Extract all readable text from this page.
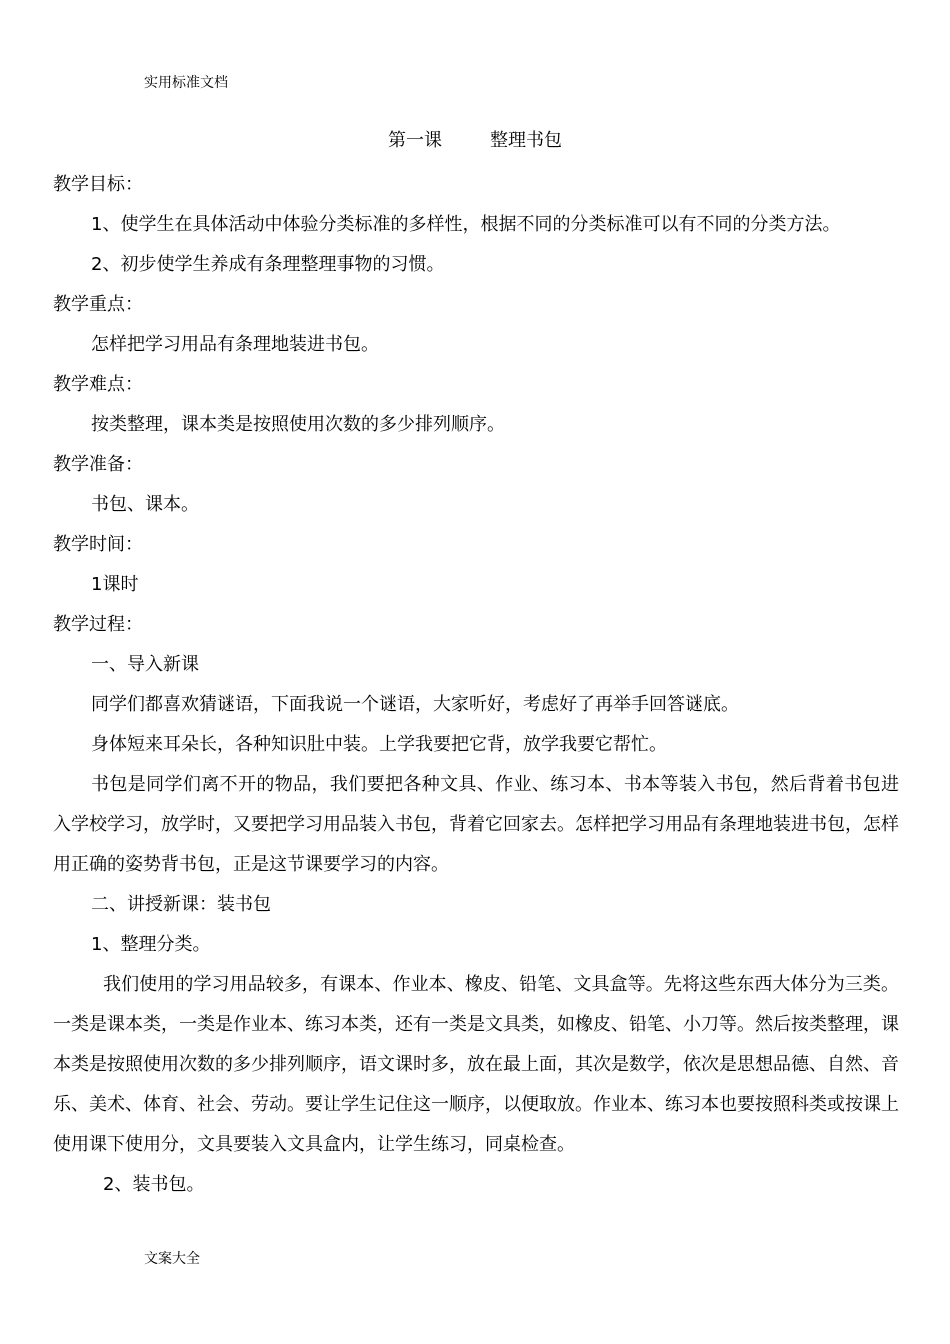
实用标准文档
第一课	整理书包

教学目标：

1、使学生在具体活动中体验分类标准的多样性，根据不同的分类标准可以有不同的分类方法。

2、初步使学生养成有条理整理事物的习惯。

教学重点：

怎样把学习用品有条理地装进书包。

教学难点：

按类整理，课本类是按照使用次数的多少排列顺序。

教学准备：

书包、课本。

教学时间：

1课时

教学过程：

一、导入新课

同学们都喜欢猜谜语，下面我说一个谜语，大家听好，考虑好了再举手回答谜底。

身体短来耳朵长，各种知识肚中装。上学我要把它背，放学我要它帮忙。

书包是同学们离不开的物品，我们要把各种文具、作业、练习本、书本等装入书包，然后背着书包进入学校学习，放学时，又要把学习用品装入书包，背着它回家去。怎样把学习用品有条理地装进书包，怎样用正确的姿势背书包，正是这节课要学习的内容。

二、讲授新课：装书包

1、整理分类。

我们使用的学习用品较多，有课本、作业本、橡皮、铅笔、文具盒等。先将这些东西大体分为三类。一类是课本类，一类是作业本、练习本类，还有一类是文具类，如橡皮、铅笔、小刀等。然后按类整理，课本类是按照使用次数的多少排列顺序，语文课时多，放在最上面，其次是数学，依次是思想品德、自然、音乐、美术、体育、社会、劳动。要让学生记住这一顺序，以便取放。作业本、练习本也要按照科类或按课上使用课下使用分，文具要装入文具盒内，让学生练习，同桌检查。

2、装书包。

文案大全
